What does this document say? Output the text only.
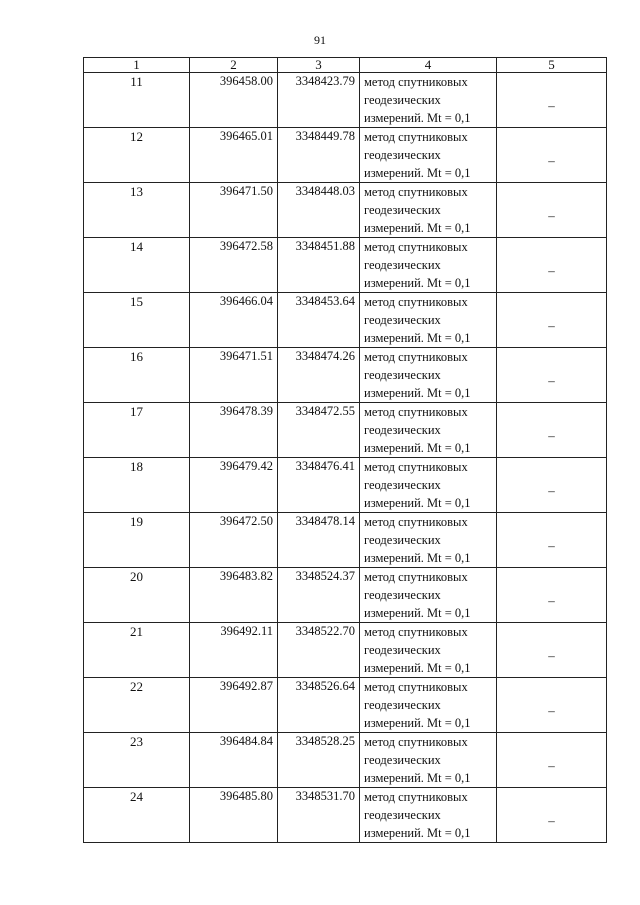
91
1	2	3	4	5
11	396458.00	3348423.79	метод спутниковых
геодезических
измерений. Mt = 0,1	–
12	396465.01	3348449.78	метод спутниковых
геодезических
измерений. Mt = 0,1	–
13	396471.50	3348448.03	метод спутниковых
геодезических
измерений. Mt = 0,1	–
14	396472.58	3348451.88	метод спутниковых
геодезических
измерений. Mt = 0,1	–
15	396466.04	3348453.64	метод спутниковых
геодезических
измерений. Mt = 0,1	–
16	396471.51	3348474.26	метод спутниковых
геодезических
измерений. Mt = 0,1	–
17	396478.39	3348472.55	метод спутниковых
геодезических
измерений. Mt = 0,1	–
18	396479.42	3348476.41	метод спутниковых
геодезических
измерений. Mt = 0,1	–
19	396472.50	3348478.14	метод спутниковых
геодезических
измерений. Mt = 0,1	–
20	396483.82	3348524.37	метод спутниковых
геодезических
измерений. Mt = 0,1	–
21	396492.11	3348522.70	метод спутниковых
геодезических
измерений. Mt = 0,1	–
22	396492.87	3348526.64	метод спутниковых
геодезических
измерений. Mt = 0,1	–
23	396484.84	3348528.25	метод спутниковых
геодезических
измерений. Mt = 0,1	–
24	396485.80	3348531.70	метод спутниковых
геодезических
измерений. Mt = 0,1	–
